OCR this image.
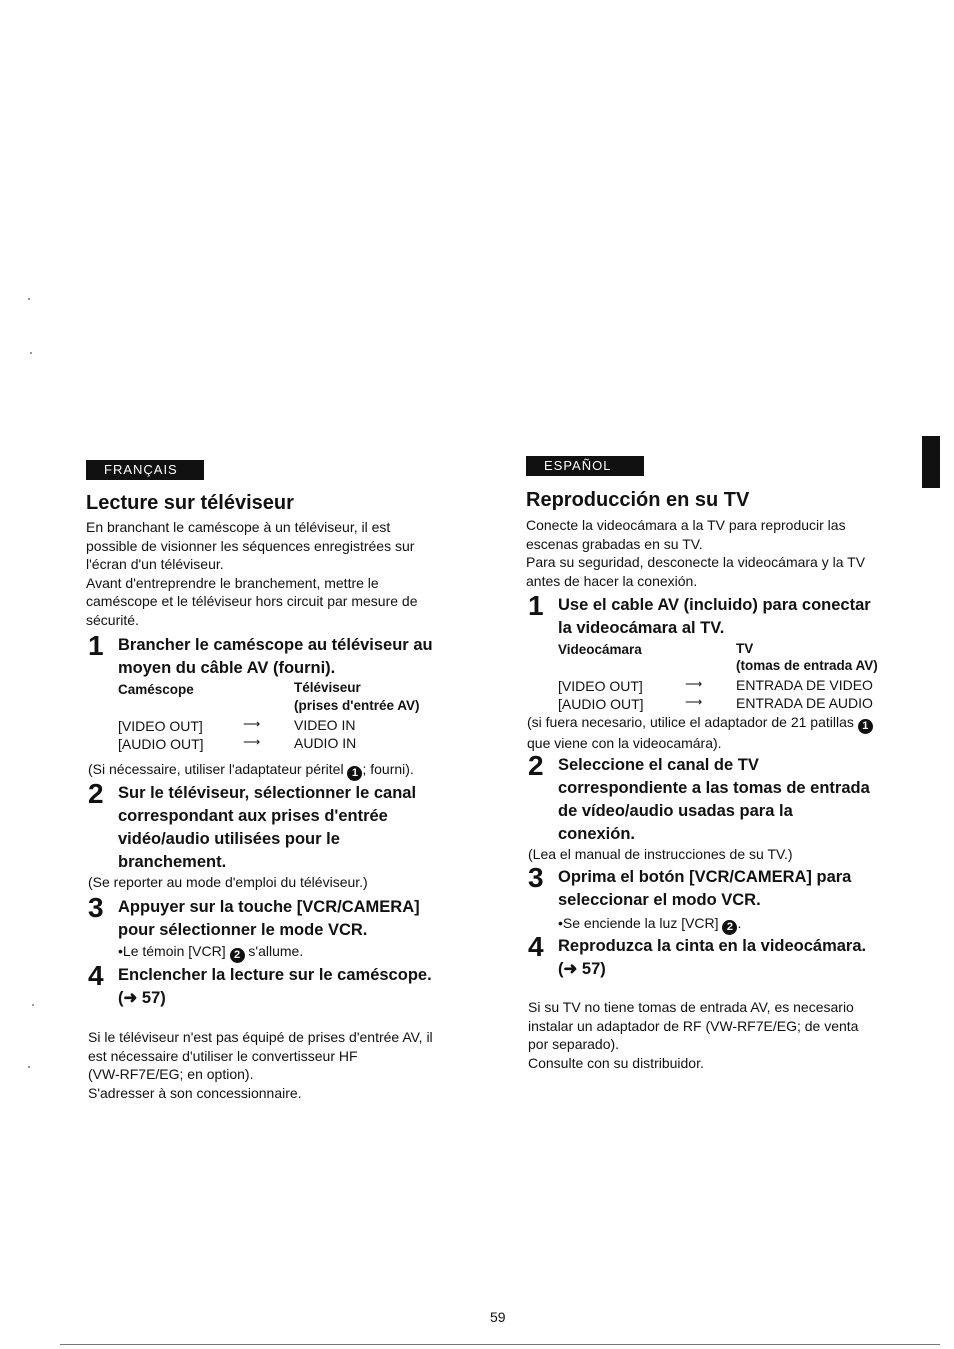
FRANÇAIS
Lecture sur téléviseur
En branchant le caméscope à un téléviseur, il est
possible de visionner les séquences enregistrées sur
l'écran d'un téléviseur.
Avant d'entreprendre le branchement, mettre le
caméscope et le téléviseur hors circuit par mesure de
sécurité.
1 Brancher le caméscope au téléviseur au
moyen du câble AV (fourni).
Caméscope	Téléviseur
(prises d'entrée AV)
[VIDEO OUT]	⟶ VIDEO IN
[AUDIO OUT]	⟶ AUDIO IN
(Si nécessaire, utiliser l'adaptateur péritel 1 ; fourni).
2 Sur le téléviseur, sélectionner le canal
correspondant aux prises d'entrée
vidéo/audio utilisées pour le
branchement.
(Se reporter au mode d'emploi du téléviseur.)
3 Appuyer sur la touche [VCR/CAMERA]
pour sélectionner le mode VCR.
•Le témoin [VCR] 2 s'allume.
4 Enclencher la lecture sur le caméscope.
(➜ 57)
Si le téléviseur n'est pas équipé de prises d'entrée AV, il
est nécessaire d'utiliser le convertisseur HF
(VW-RF7E/EG; en option).
S'adresser à son concessionnaire.
ESPAÑOL
Reproducción en su TV
Conecte la videocámara a la TV para reproducir las
escenas grabadas en su TV.
Para su seguridad, desconecte la videocámara y la TV
antes de hacer la conexión.
1 Use el cable AV (incluido) para conectar
la videocámara al TV.
Videocámara	TV
(tomas de entrada AV)
[VIDEO OUT]	⟶ ENTRADA DE VIDEO
[AUDIO OUT]	⟶ ENTRADA DE AUDIO
(si fuera necesario, utilice el adaptador de 21 patillas 1
que viene con la videocamára).
2 Seleccione el canal de TV
correspondiente a las tomas de entrada
de vídeo/audio usadas para la
conexión.
(Lea el manual de instrucciones de su TV.)
3 Oprima el botón [VCR/CAMERA] para
seleccionar el modo VCR.
•Se enciende la luz [VCR] 2 .
4 Reproduzca la cinta en la videocámara.
(➜ 57)
Si su TV no tiene tomas de entrada AV, es necesario
instalar un adaptador de RF (VW-RF7E/EG; de venta
por separado).
Consulte con su distribuidor.
59
